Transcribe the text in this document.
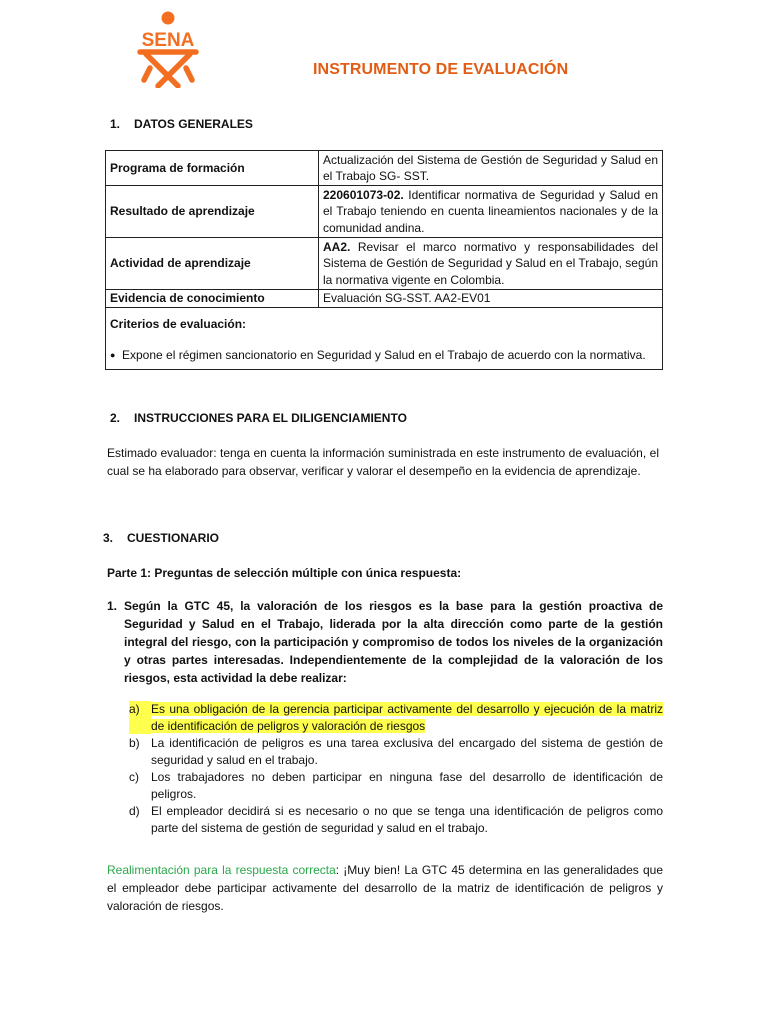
SENA
INSTRUMENTO DE EVALUACIÓN
1. DATOS GENERALES
Programa de formación	Actualización del Sistema de Gestión de Seguridad y Salud en el Trabajo SG- SST.
Resultado de aprendizaje	220601073-02. Identificar normativa de Seguridad y Salud en el Trabajo teniendo en cuenta lineamientos nacionales y de la comunidad andina.
Actividad de aprendizaje	AA2. Revisar el marco normativo y responsabilidades del Sistema de Gestión de Seguridad y Salud en el Trabajo, según la normativa vigente en Colombia.
Evidencia de conocimiento	Evaluación SG-SST. AA2-EV01

Criterios de evaluación:
● Expone el régimen sancionatorio en Seguridad y Salud en el Trabajo de acuerdo con la normativa.	
2. INSTRUCCIONES PARA EL DILIGENCIAMIENTO
Estimado evaluador: tenga en cuenta la información suministrada en este instrumento de evaluación, el cual se ha elaborado para observar, verificar y valorar el desempeño en la evidencia de aprendizaje.
3. CUESTIONARIO
Parte 1: Preguntas de selección múltiple con única respuesta:
1. Según la GTC 45, la valoración de los riesgos es la base para la gestión proactiva de Seguridad y Salud en el Trabajo, liderada por la alta dirección como parte de la gestión integral del riesgo, con la participación y compromiso de todos los niveles de la organización y otras partes interesadas. Independientemente de la complejidad de la valoración de los riesgos, esta actividad la debe realizar:
a) Es una obligación de la gerencia participar activamente del desarrollo y ejecución de la matriz de identificación de peligros y valoración de riesgos
b) La identificación de peligros es una tarea exclusiva del encargado del sistema de gestión de seguridad y salud en el trabajo.
c)	Los trabajadores no deben participar en ninguna fase del desarrollo de identificación de peligros.
d) El empleador decidirá si es necesario o no que se tenga una identificación de peligros como parte del sistema de gestión de seguridad y salud en el trabajo.
Realimentación para la respuesta correcta: ¡Muy bien! La GTC 45 determina en las generalidades que el empleador debe participar activamente del desarrollo de la matriz de identificación de peligros y valoración de riesgos.
